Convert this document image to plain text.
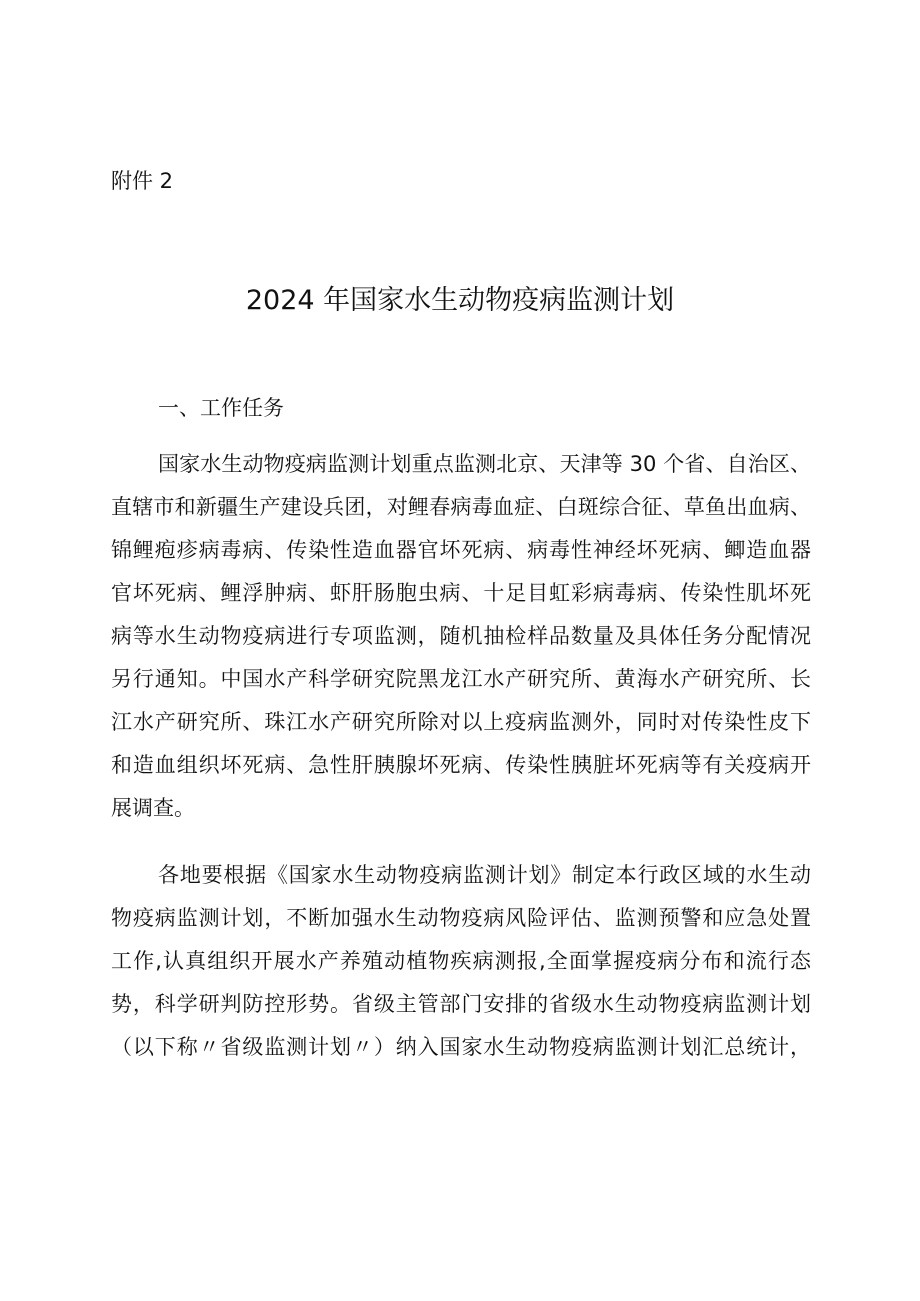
附件 2
2024 年国家水生动物疫病监测计划
一、工作任务
国家水生动物疫病监测计划重点监测北京、天津等 30 个省、自治区、
直辖市和新疆生产建设兵团，对鲤春病毒血症、白斑综合征、草鱼出血病、
锦鲤疱疹病毒病、传染性造血器官坏死病、病毒性神经坏死病、鲫造血器
官坏死病、鲤浮肿病、虾肝肠胞虫病、十足目虹彩病毒病、传染性肌坏死
病等水生动物疫病进行专项监测，随机抽检样品数量及具体任务分配情况
另行通知。中国水产科学研究院黑龙江水产研究所、黄海水产研究所、长
江水产研究所、珠江水产研究所除对以上疫病监测外，同时对传染性皮下
和造血组织坏死病、急性肝胰腺坏死病、传染性胰脏坏死病等有关疫病开
展调查。
各地要根据《国家水生动物疫病监测计划》制定本行政区域的水生动
物疫病监测计划，不断加强水生动物疫病风险评估、监测预警和应急处置
工作,认真组织开展水产养殖动植物疾病测报,全面掌握疫病分布和流行态
势，科学研判防控形势。省级主管部门安排的省级水生动物疫病监测计划
（以下称〃省级监测计划〃）纳入国家水生动物疫病监测计划汇总统计，
